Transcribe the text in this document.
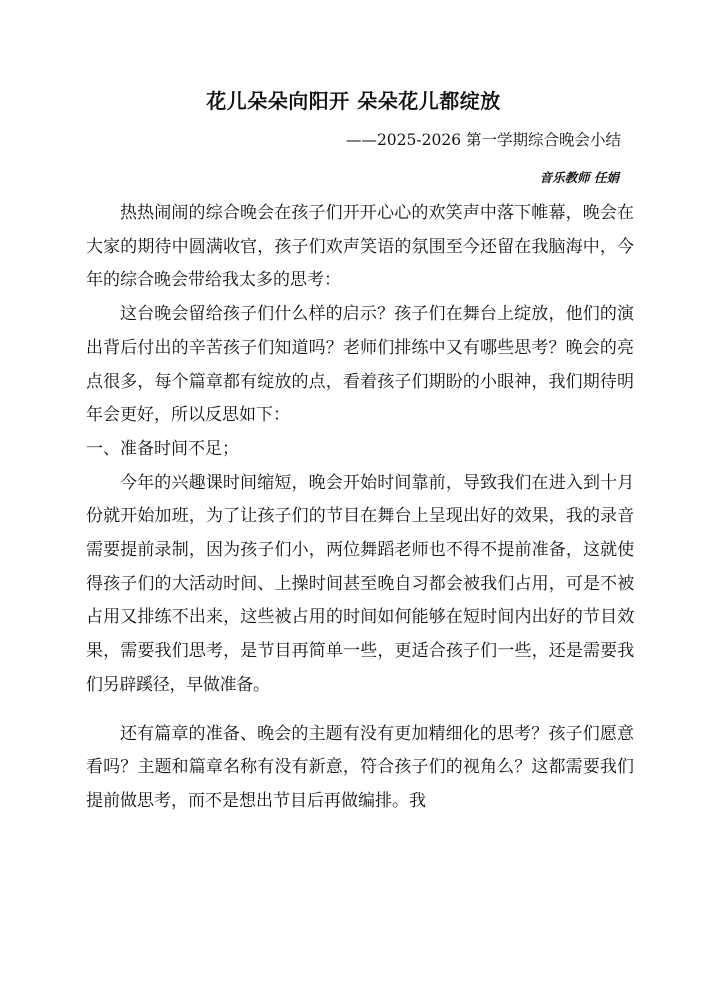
花儿朵朵向阳开 朵朵花儿都绽放
——2025-2026 第一学期综合晚会小结
音乐教师 任娟

热热闹闹的综合晚会在孩子们开开心心的欢笑声中落下帷幕，晚会在大家的期待中圆满收官，孩子们欢声笑语的氛围至今还留在我脑海中，今年的综合晚会带给我太多的思考：

这台晚会留给孩子们什么样的启示？孩子们在舞台上绽放，他们的演出背后付出的辛苦孩子们知道吗？老师们排练中又有哪些思考？晚会的亮点很多，每个篇章都有绽放的点，看着孩子们期盼的小眼神，我们期待明年会更好，所以反思如下：

一、准备时间不足；

今年的兴趣课时间缩短，晚会开始时间靠前，导致我们在进入到十月份就开始加班，为了让孩子们的节目在舞台上呈现出好的效果，我的录音需要提前录制，因为孩子们小，两位舞蹈老师也不得不提前准备，这就使得孩子们的大活动时间、上操时间甚至晚自习都会被我们占用，可是不被占用又排练不出来，这些被占用的时间如何能够在短时间内出好的节目效果，需要我们思考，是节目再简单一些，更适合孩子们一些，还是需要我们另辟蹊径，早做准备。

还有篇章的准备、晚会的主题有没有更加精细化的思考？孩子们愿意看吗？主题和篇章名称有没有新意，符合孩子们的视角么？这都需要我们提前做思考，而不是想出节目后再做编排。我
